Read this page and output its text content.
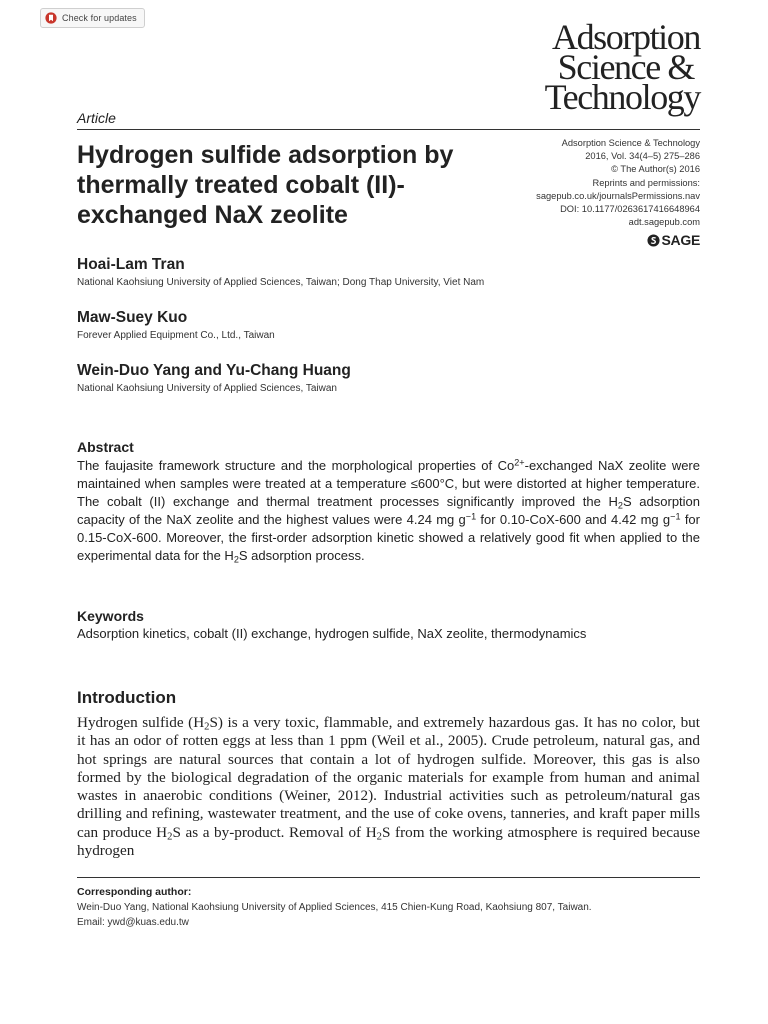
Check for updates	Adsorption
Science &
Technology
Article
Hydrogen sulfide adsorption by thermally treated cobalt (II)-exchanged NaX zeolite
Adsorption Science & Technology
2016, Vol. 34(4–5) 275–286
© The Author(s) 2016
Reprints and permissions:
sagepub.co.uk/journalsPermissions.nav
DOI: 10.1177/0263617416648964
adt.sagepub.com
SAGE
Hoai-Lam Tran
National Kaohsiung University of Applied Sciences, Taiwan; Dong Thap University, Viet Nam
Maw-Suey Kuo
Forever Applied Equipment Co., Ltd., Taiwan
Wein-Duo Yang and Yu-Chang Huang
National Kaohsiung University of Applied Sciences, Taiwan
Abstract
The faujasite framework structure and the morphological properties of $Co^{2+}$-exchanged NaX zeolite were maintained when samples were treated at a temperature ≤600°C, but were distorted at higher temperature. The cobalt (II) exchange and thermal treatment processes significantly improved the $H_2S$ adsorption capacity of the NaX zeolite and the highest values were 4.24 mg $g^{-1}$ for 0.10-CoX-600 and 4.42 mg $g^{-1}$ for 0.15-CoX-600. Moreover, the first-order adsorption kinetic showed a relatively good fit when applied to the experimental data for the $H_2S$ adsorption process.
Keywords
Adsorption kinetics, cobalt (II) exchange, hydrogen sulfide, NaX zeolite, thermodynamics
Introduction
Hydrogen sulfide $(H_2S)$ is a very toxic, flammable, and extremely hazardous gas. It has no color, but it has an odor of rotten eggs at less than 1 ppm (Weil et al., 2005). Crude petroleum, natural gas, and hot springs are natural sources that contain a lot of hydrogen sulfide. Moreover, this gas is also formed by the biological degradation of the organic materials for example from human and animal wastes in anaerobic conditions (Weiner, 2012). Industrial activities such as petroleum/natural gas drilling and refining, wastewater treatment, and the use of coke ovens, tanneries, and kraft paper mills can produce $H_2S$ as a by-product. Removal of $H_2S$ from the working atmosphere is required because hydrogen
Corresponding author:
Wein-Duo Yang, National Kaohsiung University of Applied Sciences, 415 Chien-Kung Road, Kaohsiung 807, Taiwan.
Email: ywd@kuas.edu.tw
